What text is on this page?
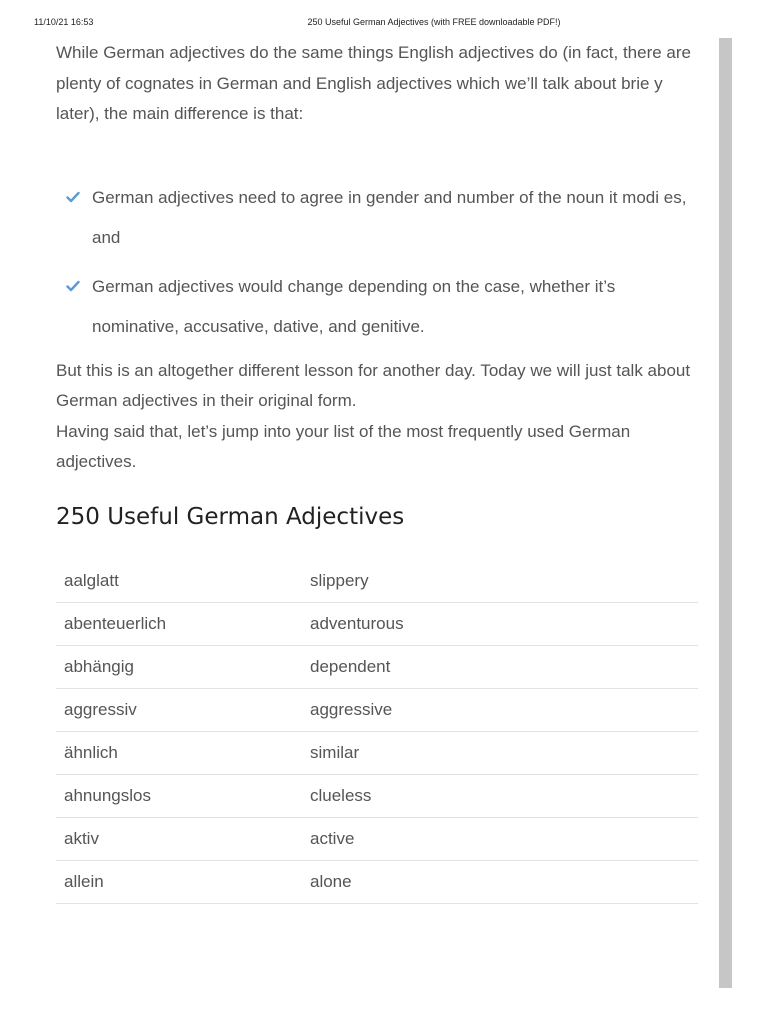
11/10/21 16:53	250 Useful German Adjectives (with FREE downloadable PDF!)

While German adjectives do the same things English adjectives do (in fact, there are plenty of cognates in German and English adjectives which we’ll talk about brie y later), the main difference is that:

German adjectives need to agree in gender and number of the noun it modi es, and
German adjectives would change depending on the case, whether it’s nominative, accusative, dative, and genitive.

But this is an altogether different lesson for another day. Today we will just talk about German adjectives in their original form.

Having said that, let’s jump into your list of the most frequently used German adjectives.

250 Useful German Adjectives
aalglatt	slippery
abenteuerlich	adventurous
abhängig	dependent
aggressiv	aggressive
ähnlich	similar
ahnungslos	clueless
aktiv	active
allein	alone
